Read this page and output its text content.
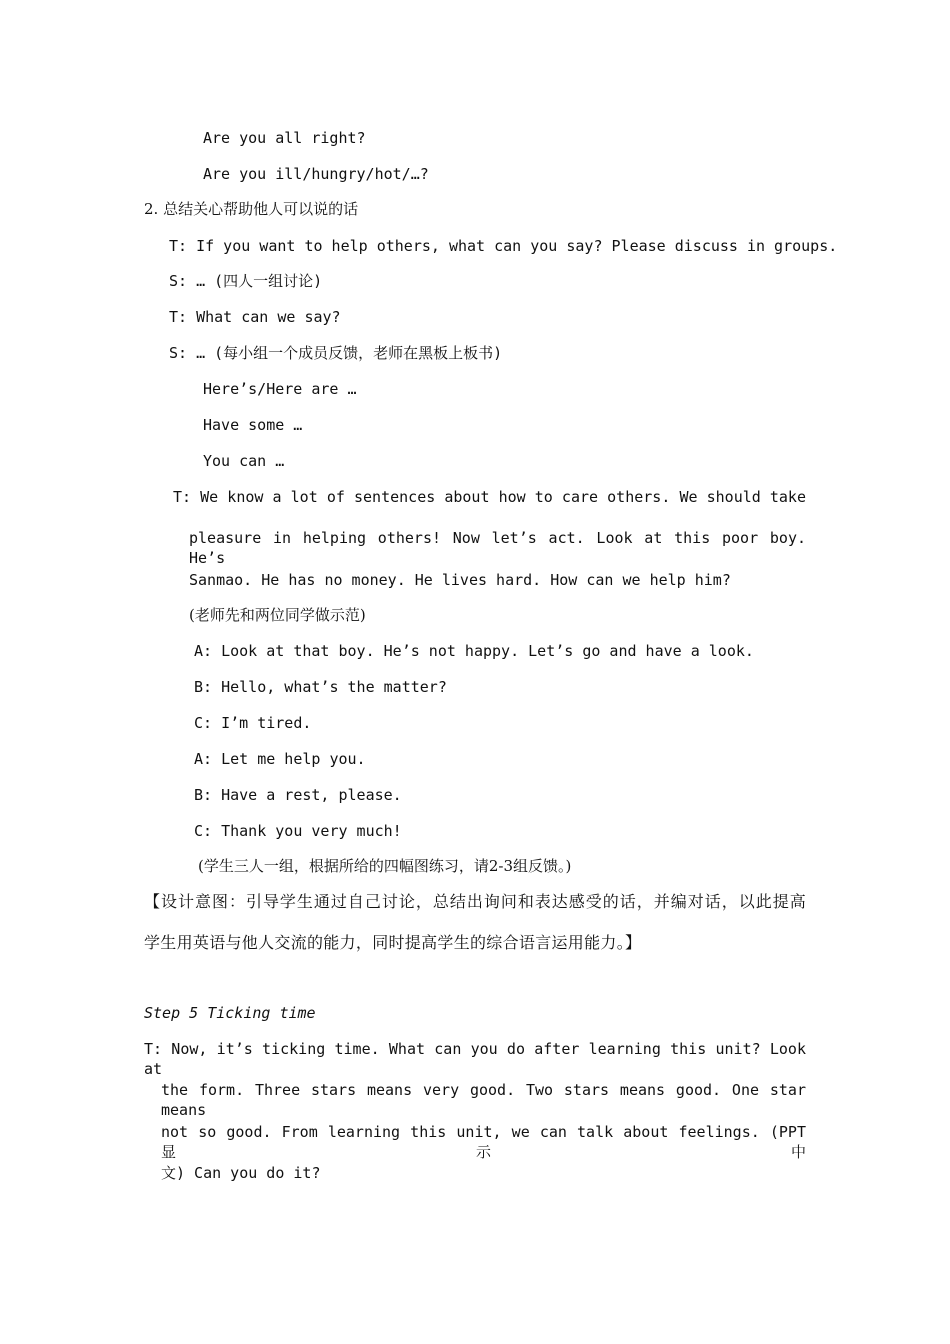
Are you all right?
Are you ill/hungry/hot/…?
2. 总结关心帮助他人可以说的话
T: If you want to help others, what can you say? Please discuss in groups.
S: … (四人一组讨论)
T: What can we say?
S: … (每小组一个成员反馈，老师在黑板上板书)
Here’s/Here are …
Have some …
You can …
T: We know a lot of sentences about how to care others. We should take
pleasure in helping others! Now let’s act. Look at this poor boy. He’s
Sanmao. He has no money. He lives hard. How can we help him?
(老师先和两位同学做示范)
A: Look at that boy. He’s not happy. Let’s go and have a look.
B: Hello, what’s the matter?
C: I’m tired.
A: Let me help you.
B: Have a rest, please.
C: Thank you very much!
(学生三人一组，根据所给的四幅图练习，请2-3组反馈。)
【设计意图：引导学生通过自己讨论，总结出询问和表达感受的话，并编对话，以此提高
学生用英语与他人交流的能力，同时提高学生的综合语言运用能力。】
Step 5 Ticking time
T: Now, it’s ticking time. What can you do after learning this unit? Look at
the form. Three stars means very good. Two stars means good. One star means
not so good. From learning this unit, we can talk about feelings. (PPT显示中
文) Can you do it?
